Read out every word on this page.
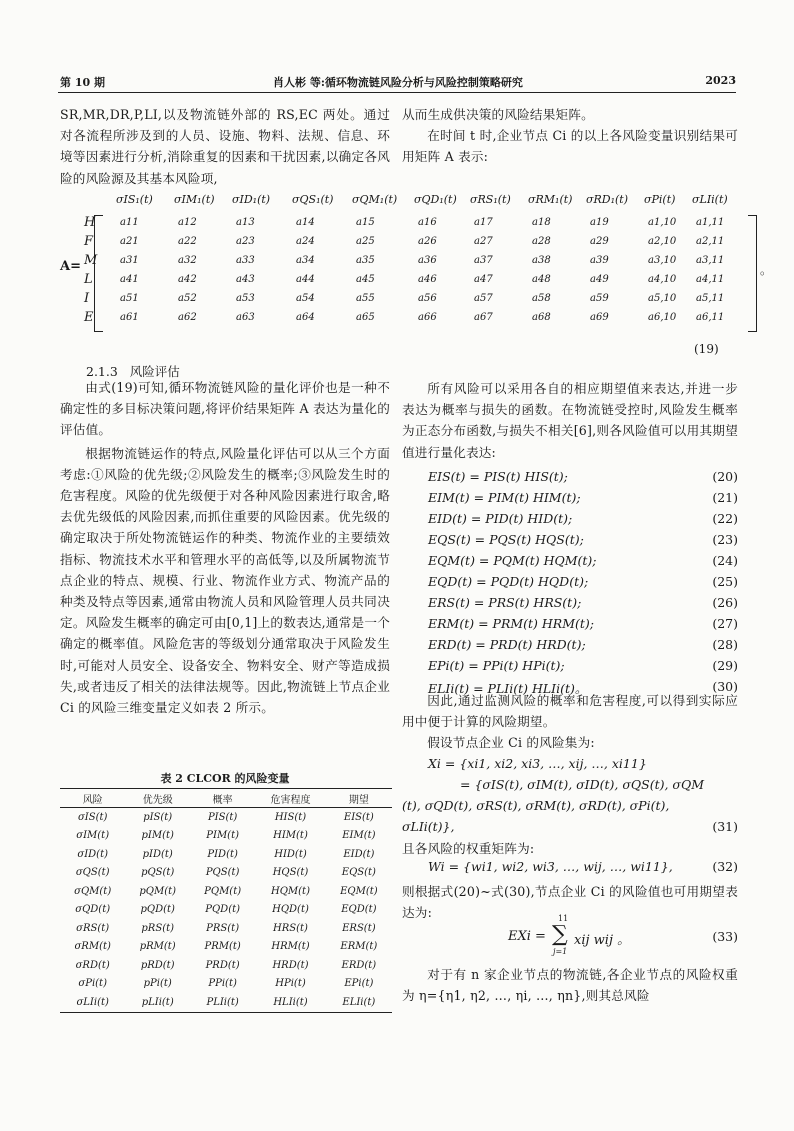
第 10 期	肖人彬 等:循环物流链风险分析与风险控制策略研究	2023

SR,MR,DR,P,LI,以及物流链外部的 RS,EC 两处。通过对各流程所涉及到的人员、设施、物料、法规、信息、环境等因素进行分析,消除重复的因素和干扰因素,以确定各风险的风险源及其基本风险项,

从而生成供决策的风险结果矩阵。

在时间 t 时,企业节点 Ci 的以上各风险变量识别结果可用矩阵 A 表示:

A=	。
σIS₁(t) σIM₁(t) σID₁(t) σQS₁(t) σQM₁(t) σQD₁(t) σRS₁(t) σRM₁(t) σRD₁(t) σPi(t) σLIi(t)
H a11	a12	a13	a14	a15	a16	a17	a18	a19	a1,10 a1,11
F	a21	a22	a23	a24	a25	a26	a27	a28	a29	a2,10 a2,11
M a31	a32	a33	a34	a35	a36	a37	a38	a39	a3,10 a3,11
L	a41	a42	a43	a44	a45	a46	a47	a48	a49	a4,10 a4,11
I	a51	a52	a53	a54	a55	a56	a57	a58	a59	a5,10 a5,11
E	a61	a62	a63	a64	a65	a66	a67	a68	a69	a6,10 a6,11
(19)
2.1.3 风险评估

由式(19)可知,循环物流链风险的量化评价也是一种不确定性的多目标决策问题,将评价结果矩阵 A 表达为量化的评估值。

根据物流链运作的特点,风险量化评估可以从三个方面考虑:①风险的优先级;②风险发生的概率;③风险发生时的危害程度。风险的优先级便于对各种风险因素进行取舍,略去优先级低的风险因素,而抓住重要的风险因素。优先级的确定取决于所处物流链运作的种类、物流作业的主要绩效指标、物流技术水平和管理水平的高低等,以及所属物流节点企业的特点、规模、行业、物流作业方式、物流产品的种类及特点等因素,通常由物流人员和风险管理人员共同决定。风险发生概率的确定可由[0,1]上的数表达,通常是一个确定的概率值。风险危害的等级划分通常取决于风险发生时,可能对人员安全、设备安全、物料安全、财产等造成损失,或者违反了相关的法律法规等。因此,物流链上节点企业 Ci 的风险三维变量定义如表 2 所示。

表 2 CLCOR 的风险变量
风险	优先级	概率	危害程度	期望
σIS(t)	pIS(t)	PIS(t)	HIS(t)	EIS(t)
σIM(t)	pIM(t)	PIM(t)	HIM(t)	EIM(t)
σID(t)	pID(t)	PID(t)	HID(t)	EID(t)
σQS(t)	pQS(t)	PQS(t)	HQS(t)	EQS(t)
σQM(t)	pQM(t)	PQM(t)	HQM(t)	EQM(t)
σQD(t)	pQD(t)	PQD(t)	HQD(t)	EQD(t)
σRS(t)	pRS(t)	PRS(t)	HRS(t)	ERS(t)
σRM(t)	pRM(t)	PRM(t)	HRM(t)	ERM(t)
σRD(t)	pRD(t)	PRD(t)	HRD(t)	ERD(t)
σPi(t)	pPi(t)	PPi(t)	HPi(t)	EPi(t)
σLIi(t)	pLIi(t)	PLIi(t)	HLIi(t)	ELIi(t)

所有风险可以采用各自的相应期望值来表达,并进一步表达为概率与损失的函数。在物流链受控时,风险发生概率为正态分布函数,与损失不相关[6],则各风险值可以用其期望值进行量化表达:

EIS(t) = PIS(t) HIS(t);	(20)
EIM(t) = PIM(t) HIM(t);	(21)
EID(t) = PID(t) HID(t);	(22)
EQS(t) = PQS(t) HQS(t);	(23)
EQM(t) = PQM(t) HQM(t);	(24)
EQD(t) = PQD(t) HQD(t);	(25)
ERS(t) = PRS(t) HRS(t);	(26)
ERM(t) = PRM(t) HRM(t);	(27)
ERD(t) = PRD(t) HRD(t);	(28)
EPi(t) = PPi(t) HPi(t);	(29)
ELIi(t) = PLIi(t) HLIi(t)。	(30)

因此,通过监测风险的概率和危害程度,可以得到实际应用中便于计算的风险期望。

假设节点企业 Ci 的风险集为:

Xi = {xi1, xi2, xi3, …, xij, …, xi11}
= {σIS(t), σIM(t), σID(t), σQS(t), σQM
(t), σQD(t), σRS(t), σRM(t), σRD(t), σPi(t),
σLIi(t)},	(31)

且各风险的权重矩阵为:

Wi = {wi1, wi2, wi3, …, wij, …, wi11},	(32)

则根据式(20)~式(30),节点企业 Ci 的风险值也可用期望表达为:

EXi =
11
∑
j=1
xij wij 。	(33)

对于有 n 家企业节点的物流链,各企业节点的风险权重为 η={η1, η2, …, ηi, …, ηn},则其总风险
